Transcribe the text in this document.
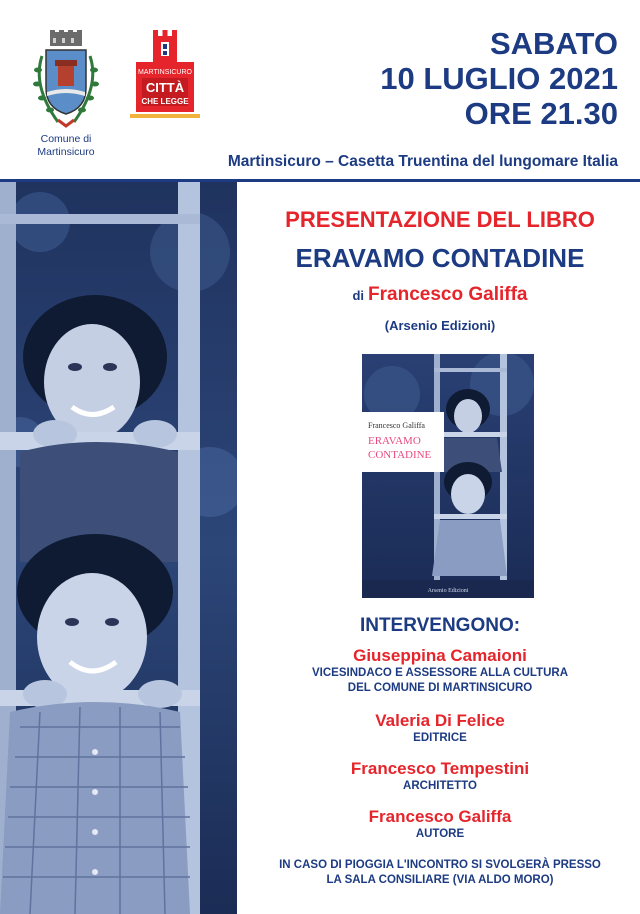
Comune di
Martinsicuro
MARTINSICURO
CITTÀ
CHE LEGGE
SABATO
10 LUGLIO 2021
ORE 21.30
Martinsicuro – Casetta Truentina del lungomare Italia
PRESENTAZIONE DEL LIBRO
ERAVAMO CONTADINE
di Francesco Galiffa
(Arsenio Edizioni)
Francesco Galiffa
ERAVAMO
CONTADINE
Arsenio Edizioni
INTERVENGONO:
Giuseppina Camaioni
VICESINDACO E ASSESSORE ALLA CULTURA
DEL COMUNE DI MARTINSICURO
Valeria Di Felice
EDITRICE
Francesco Tempestini
ARCHITETTO
Francesco Galiffa
AUTORE
IN CASO DI PIOGGIA L'INCONTRO SI SVOLGERÀ PRESSO
LA SALA CONSILIARE (VIA ALDO MORO)
